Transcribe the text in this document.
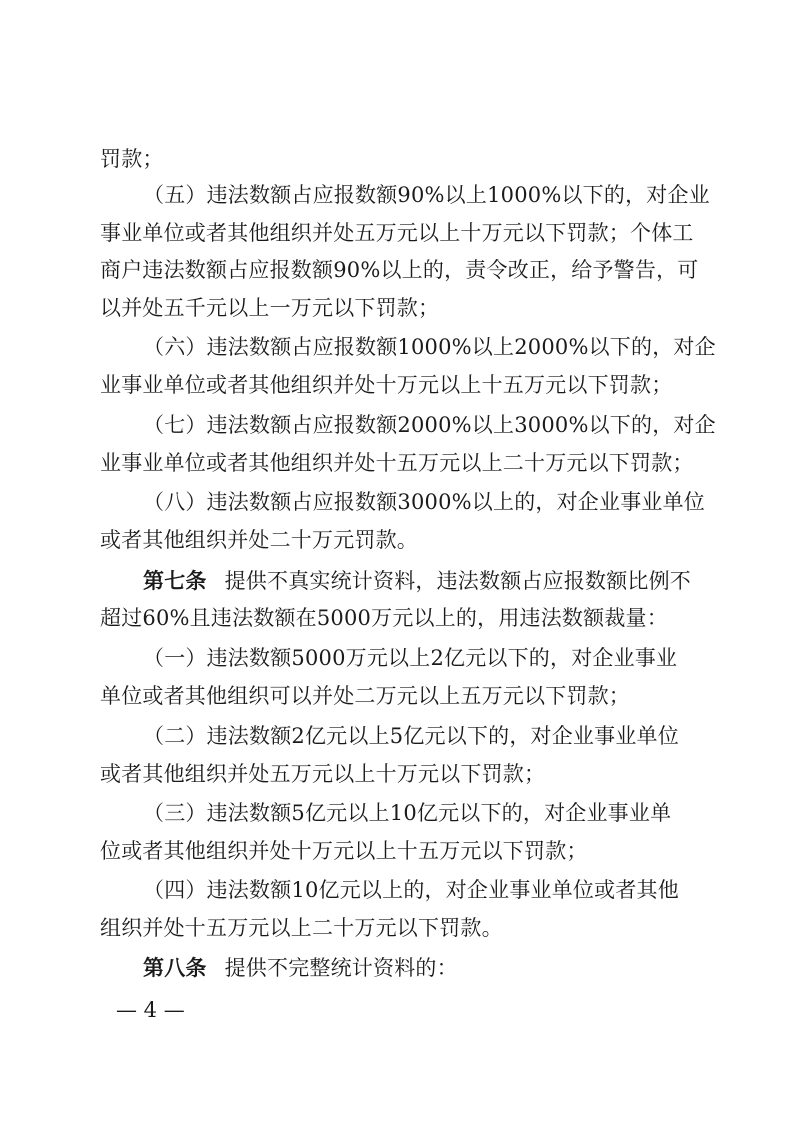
罚款；
（五）违法数额占应报数额90%以上1000%以下的，对企业
事业单位或者其他组织并处五万元以上十万元以下罚款；个体工
商户违法数额占应报数额90%以上的，责令改正，给予警告，可
以并处五千元以上一万元以下罚款；
（六）违法数额占应报数额1000%以上2000%以下的，对企
业事业单位或者其他组织并处十万元以上十五万元以下罚款；
（七）违法数额占应报数额2000%以上3000%以下的，对企
业事业单位或者其他组织并处十五万元以上二十万元以下罚款；
（八）违法数额占应报数额3000%以上的，对企业事业单位
或者其他组织并处二十万元罚款。
第七条 提供不真实统计资料，违法数额占应报数额比例不
超过60%且违法数额在5000万元以上的，用违法数额裁量：
（一）违法数额5000万元以上2亿元以下的，对企业事业
单位或者其他组织可以并处二万元以上五万元以下罚款；
（二）违法数额2亿元以上5亿元以下的，对企业事业单位
或者其他组织并处五万元以上十万元以下罚款；
（三）违法数额5亿元以上10亿元以下的，对企业事业单
位或者其他组织并处十万元以上十五万元以下罚款；
（四）违法数额10亿元以上的，对企业事业单位或者其他
组织并处十五万元以上二十万元以下罚款。
第八条 提供不完整统计资料的：
— 4 —
